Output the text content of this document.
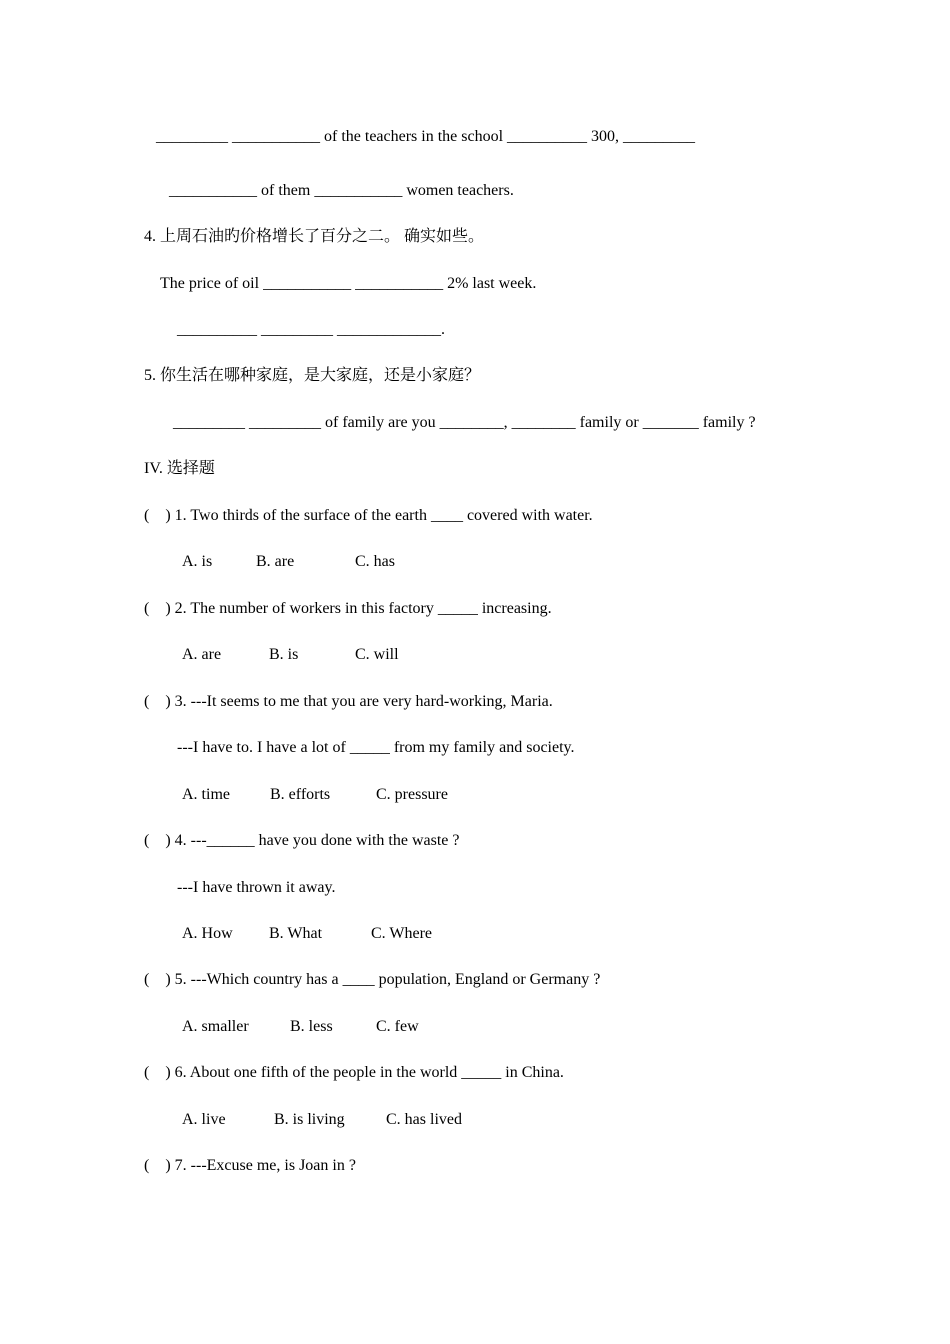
_________ ___________ of the teachers in the school __________ 300, _________
___________ of them ___________ women teachers.
4. 上周石油旳价格增长了百分之二。 确实如些。
The price of oil ___________ ___________ 2% last week.
__________ _________ _____________.
5. 你生活在哪种家庭，是大家庭，还是小家庭？
_________ _________ of family are you ________, ________ family or _______ family ?
IV. 选择题
(    ) 1. Two thirds of the surface of the earth ____ covered with water.
A. is	B. are	C. has
(    ) 2. The number of workers in this factory _____ increasing.
A. are	B. is	C. will
(    ) 3. ---It seems to me that you are very hard-working, Maria.
---I have to. I have a lot of _____ from my family and society.
A. time	B. efforts	C. pressure
(    ) 4. ---______ have you done with the waste ?
---I have thrown it away.
A. How B. What	C. Where
(    ) 5. ---Which country has a ____ population, England or Germany ?
A. smaller	B. less	C. few
(    ) 6. About one fifth of the people in the world _____ in China.
A. live	B. is living	C. has lived
(    ) 7. ---Excuse me, is Joan in ?
